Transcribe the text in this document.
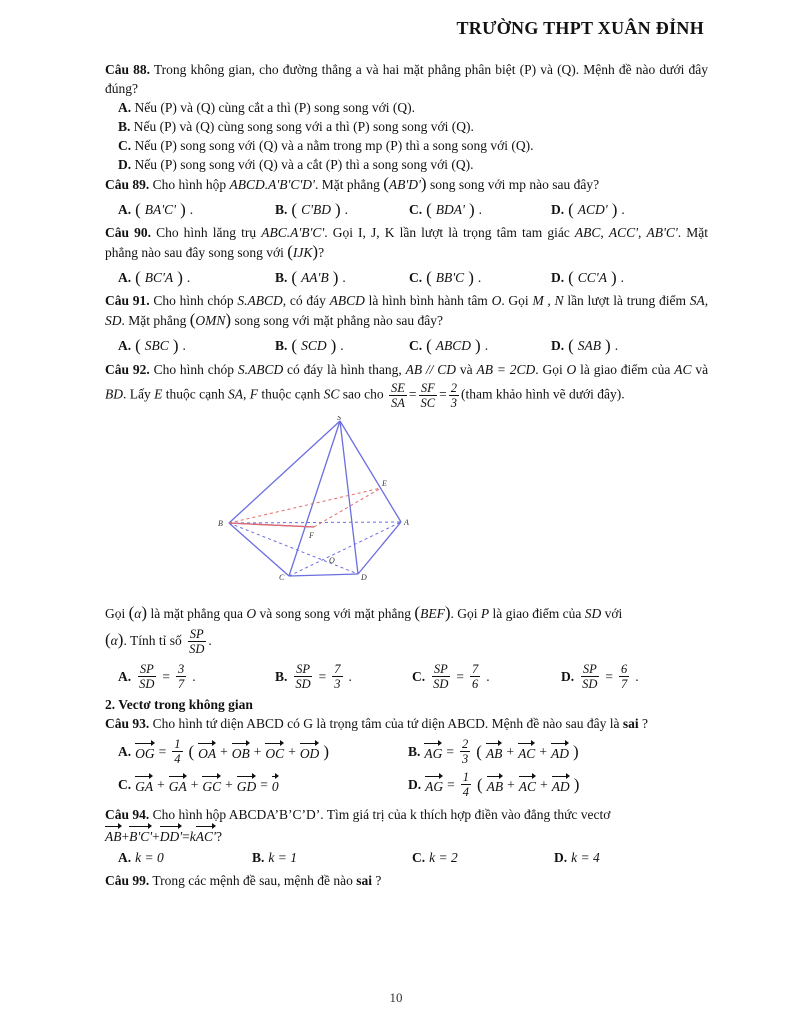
TRƯỜNG THPT XUÂN ĐỈNH

Câu 88. Trong không gian, cho đường thẳng a và hai mặt phẳng phân biệt (P) và (Q). Mệnh đề nào dưới đây đúng?

A. Nếu (P) và (Q) cùng cắt a thì (P) song song với (Q).

B. Nếu (P) và (Q) cùng song song với a thì (P) song song với (Q).

C. Nếu (P) song song với (Q) và a nằm trong mp (P) thì a song song với (Q).

D. Nếu (P) song song với (Q) và a cắt (P) thì a song song với (Q).

Câu 89. Cho hình hộp ABCD.A'B'C'D'. Mặt phẳng (AB'D') song song với mp nào sau đây?

A. ( BA'C' ) .	B. ( C'BD ) .	C. ( BDA' ) .	D. ( ACD' ) .

Câu 90. Cho hình lăng trụ ABC.A'B'C'. Gọi I, J, K lần lượt là trọng tâm tam giác ABC, ACC', AB'C'. Mặt phẳng nào sau đây song song với (IJK)?

A. ( BC'A ) .	B. ( AA'B ) .	C. ( BB'C ) .	D. ( CC'A ) .

Câu 91. Cho hình chóp S.ABCD, có đáy ABCD là hình bình hành tâm O. Gọi M , N lần lượt là trung điểm SA, SD. Mặt phẳng (OMN) song song với mặt phẳng nào sau đây?

A. ( SBC ) .	B. ( SCD ) .	C. ( ABCD ) .	D. ( SAB ) .

Câu 92. Cho hình chóp S.ABCD có đáy là hình thang, AB // CD và AB = 2CD. Gọi O là giao điểm của AC và BD. Lấy E thuộc cạnh SA, F thuộc cạnh SC sao cho $\frac{SE}{SA} = \frac{SF}{SC} = \frac{2}{3}$ (tham khảo hình vẽ dưới đây).

S
E
B	A
F
C
O
D

Gọi (α) là mặt phẳng qua O và song song với mặt phẳng (BEF). Gọi P là giao điểm của SD với
(α). Tính tỉ số $\frac{SP}{SD}$ .

A. $\frac{SP}{SD} = \frac{3}{7}$ .	B. $\frac{SP}{SD} = \frac{7}{3}$ .	C. $\frac{SP}{SD} = \frac{7}{6}$ .	D. $\frac{SP}{SD} = \frac{6}{7}$ .

2. Vectơ trong không gian

Câu 93. Cho hình tứ diện ABCD có G là trọng tâm của tứ diện ABCD. Mệnh đề nào sau đây là sai ?

A. OG = $\frac{1}{4}$ ( OA + OB + OC + OD )	B. AG = $\frac{2}{3}$ ( AB + AC + AD )
C. GA + GA + GC + GD = 0	D. AG = $\frac{1}{4}$ ( AB + AC + AD )

Câu 94. Cho hình hộp ABCDA’B’C’D’. Tìm giá trị của k thích hợp điền vào đẳng thức vectơ
AB+B'C'+DD'=kAC'?

A. k = 0	B. k = 1	C. k = 2	D. k = 4

Câu 99. Trong các mệnh đề sau, mệnh đề nào sai ?

10
